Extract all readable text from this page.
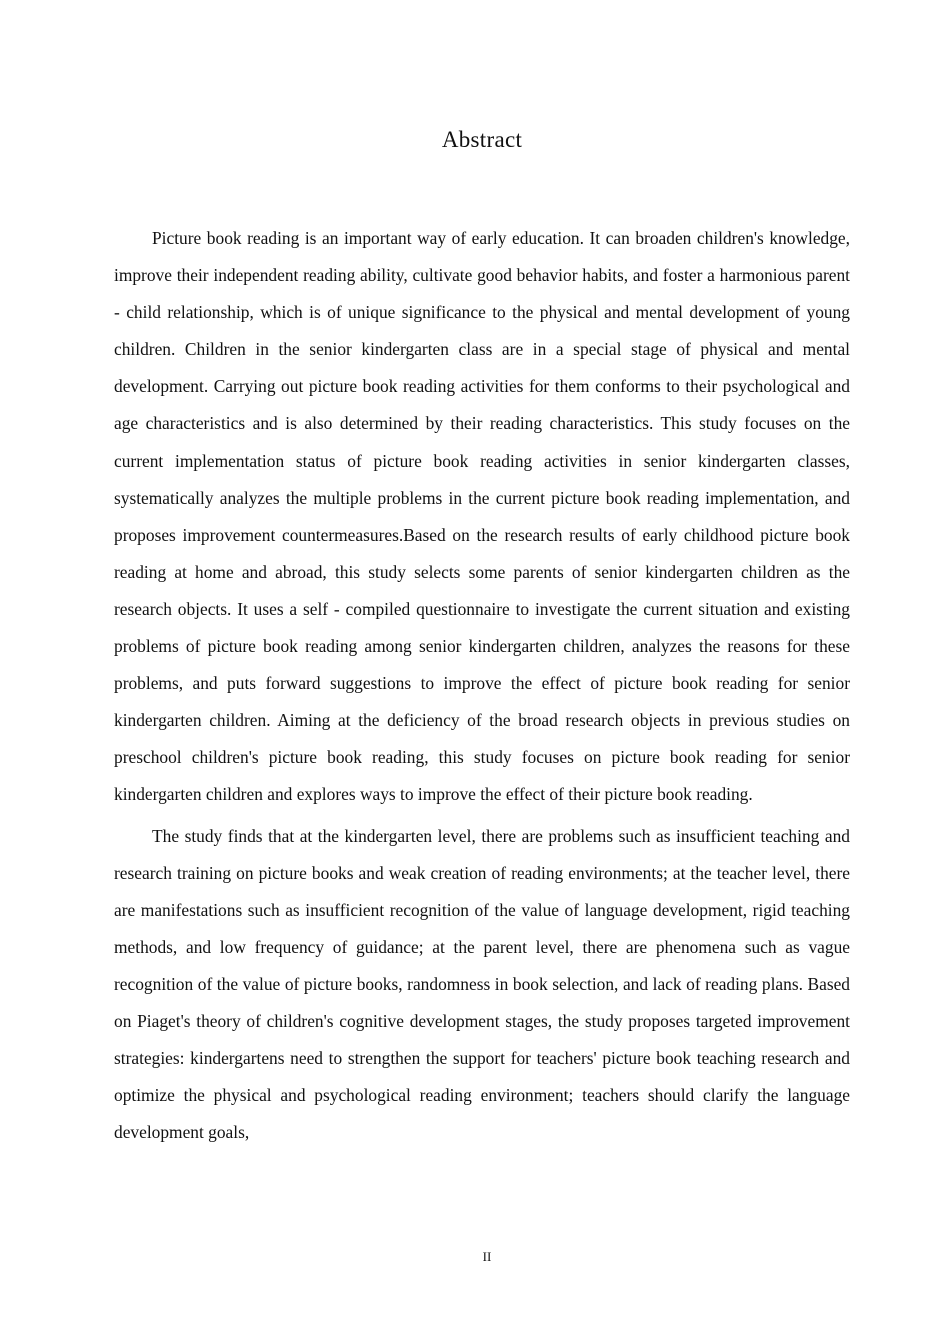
Abstract

Picture book reading is an important way of early education. It can broaden children's knowledge, improve their independent reading ability, cultivate good behavior habits, and foster a harmonious parent - child relationship, which is of unique significance to the physical and mental development of young children. Children in the senior kindergarten class are in a special stage of physical and mental development. Carrying out picture book reading activities for them conforms to their psychological and age characteristics and is also determined by their reading characteristics. This study focuses on the current implementation status of picture book reading activities in senior kindergarten classes, systematically analyzes the multiple problems in the current picture book reading implementation, and proposes improvement countermeasures.Based on the research results of early childhood picture book reading at home and abroad, this study selects some parents of senior kindergarten children as the research objects. It uses a self - compiled questionnaire to investigate the current situation and existing problems of picture book reading among senior kindergarten children, analyzes the reasons for these problems, and puts forward suggestions to improve the effect of picture book reading for senior kindergarten children. Aiming at the deficiency of the broad research objects in previous studies on preschool children's picture book reading, this study focuses on picture book reading for senior kindergarten children and explores ways to improve the effect of their picture book reading.

The study finds that at the kindergarten level, there are problems such as insufficient teaching and research training on picture books and weak creation of reading environments; at the teacher level, there are manifestations such as insufficient recognition of the value of language development, rigid teaching methods, and low frequency of guidance; at the parent level, there are phenomena such as vague recognition of the value of picture books, randomness in book selection, and lack of reading plans. Based on Piaget's theory of children's cognitive development stages, the study proposes targeted improvement strategies: kindergartens need to strengthen the support for teachers' picture book teaching research and optimize the physical and psychological reading environment; teachers should clarify the language development goals,

II
